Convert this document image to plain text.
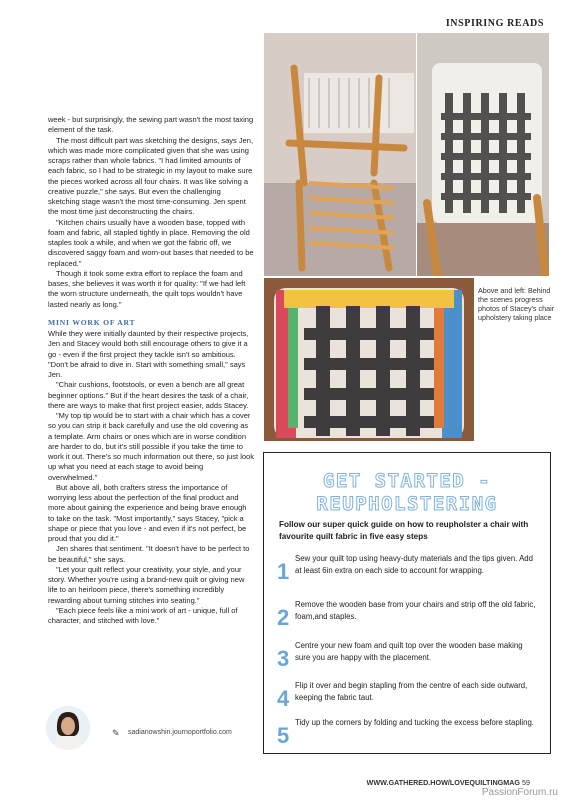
INSPIRING READS
Above and left: Behind the scenes progress photos of Stacey's chair upholstery taking place

week - but surprisingly, the sewing part wasn't the most taxing element of the task.

The most difficult part was sketching the designs, says Jen, which was made more complicated given that she was using scraps rather than whole fabrics. "I had limited amounts of each fabric, so I had to be strategic in my layout to make sure the pieces worked across all four chairs. It was like solving a creative puzzle," she says. But even the challenging sketching stage wasn't the most time-consuming. Jen spent the most time just deconstructing the chairs.

"Kitchen chairs usually have a wooden base, topped with foam and fabric, all stapled tightly in place. Removing the old staples took a while, and when we got the fabric off, we discovered saggy foam and worn-out bases that needed to be replaced."

Though it took some extra effort to replace the foam and bases, she believes it was worth it for quality: "If we had left the worn structure underneath, the quilt tops wouldn't have lasted nearly as long."

MINI WORK OF ART

While they were initially daunted by their respective projects, Jen and Stacey would both still encourage others to give it a go - even if the first project they tackle isn't so ambitious. "Don't be afraid to dive in. Start with something small," says Jen.

"Chair cushions, footstools, or even a bench are all great beginner options." But if the heart desires the task of a chair, there are ways to make that first project easier, adds Stacey.

"My top tip would be to start with a chair which has a cover so you can strip it back carefully and use the old covering as a template. Arm chairs or ones which are in worse condition are harder to do, but it's still possible if you take the time to work it out. There's so much information out there, so just look up what you need at each stage to avoid being overwhelmed."

But above all, both crafters stress the importance of worrying less about the perfection of the final product and more about gaining the experience and being brave enough to take on the task. "Most importantly," says Stacey, "pick a shape or piece that you love - and even if it's not perfect, be proud that you did it."

Jen shares that sentiment. "It doesn't have to be perfect to be beautiful," she says.

"Let your quilt reflect your creativity, your style, and your story. Whether you're using a brand-new quilt or giving new life to an heirloom piece, there's something incredibly rewarding about turning stitches into seating."

"Each piece feels like a mini work of art - unique, full of character, and stitched with love."

✎ sadianowshin.journoportfolio.com
GET STARTED -
REUPHOLSTERING
Follow our super quick guide on how to reupholster a chair with favourite quilt fabric in five easy steps
1
Sew your quilt top using heavy-duty materials and the tips given. Add at least 6in extra on each side to account for wrapping.
2
Remove the wooden base from your chairs and strip off the old fabric, foam,and staples.
3
Centre your new foam and quilt top over the wooden base making sure you are happy with the placement.
4
Flip it over and begin stapling from the centre of each side outward, keeping the fabric taut.
5
Tidy up the corners by folding and tucking the excess before stapling.
WWW.GATHERED.HOW/LOVEQUILTINGMAG 59
PassionForum.ru
